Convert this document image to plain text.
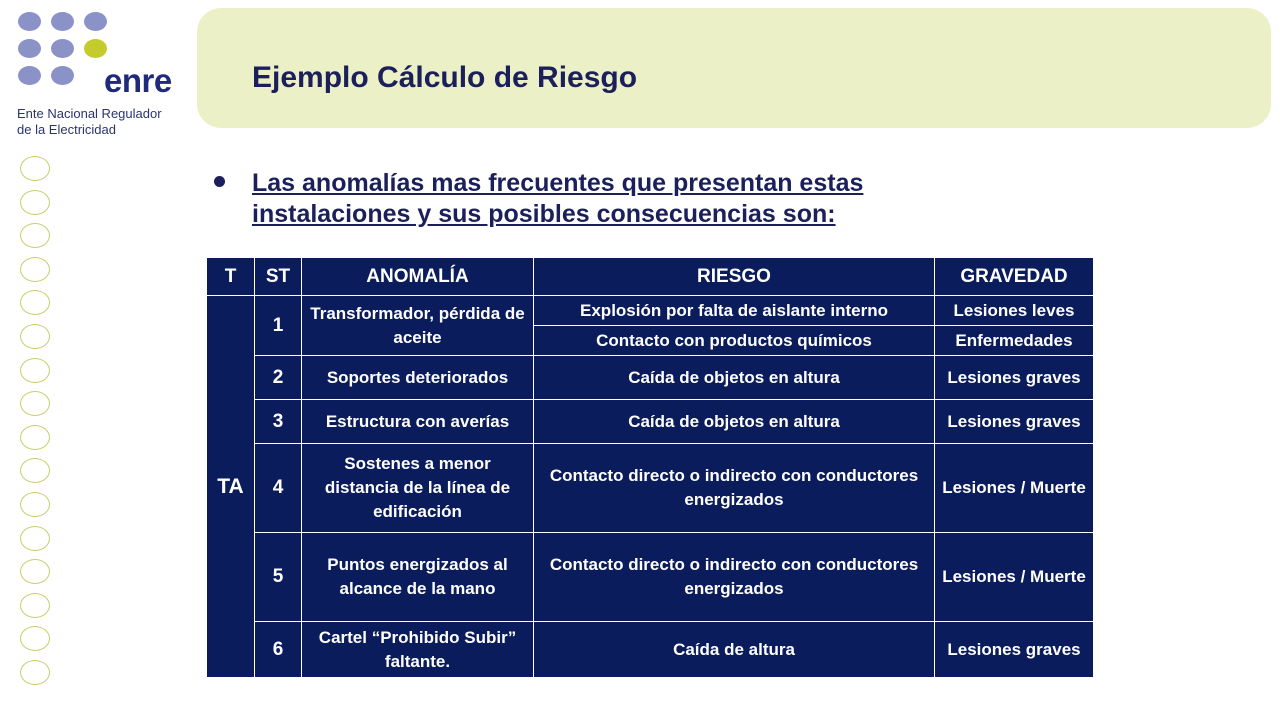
enre
Ente Nacional Regulador
de la Electricidad
Ejemplo Cálculo de Riesgo
Las anomalías mas frecuentes que presentan estas instalaciones y sus posibles consecuencias son:
T	ST	ANOMALÍA	RIESGO	GRAVEDAD
TA	1	Transformador, pérdida de aceite	Explosión por falta de aislante interno	Lesiones leves
			Contacto con productos químicos	Enfermedades
	2	Soportes deteriorados	Caída de objetos en altura	Lesiones graves
	3	Estructura con averías	Caída de objetos en altura	Lesiones graves
	4	Sostenes a menor distancia de la línea de edificación	Contacto directo o indirecto con conductores energizados	Lesiones / Muerte
	5	Puntos energizados al alcance de la mano	Contacto directo o indirecto con conductores energizados	Lesiones / Muerte
	6	Cartel “Prohibido Subir” faltante.	Caída de altura	Lesiones graves
